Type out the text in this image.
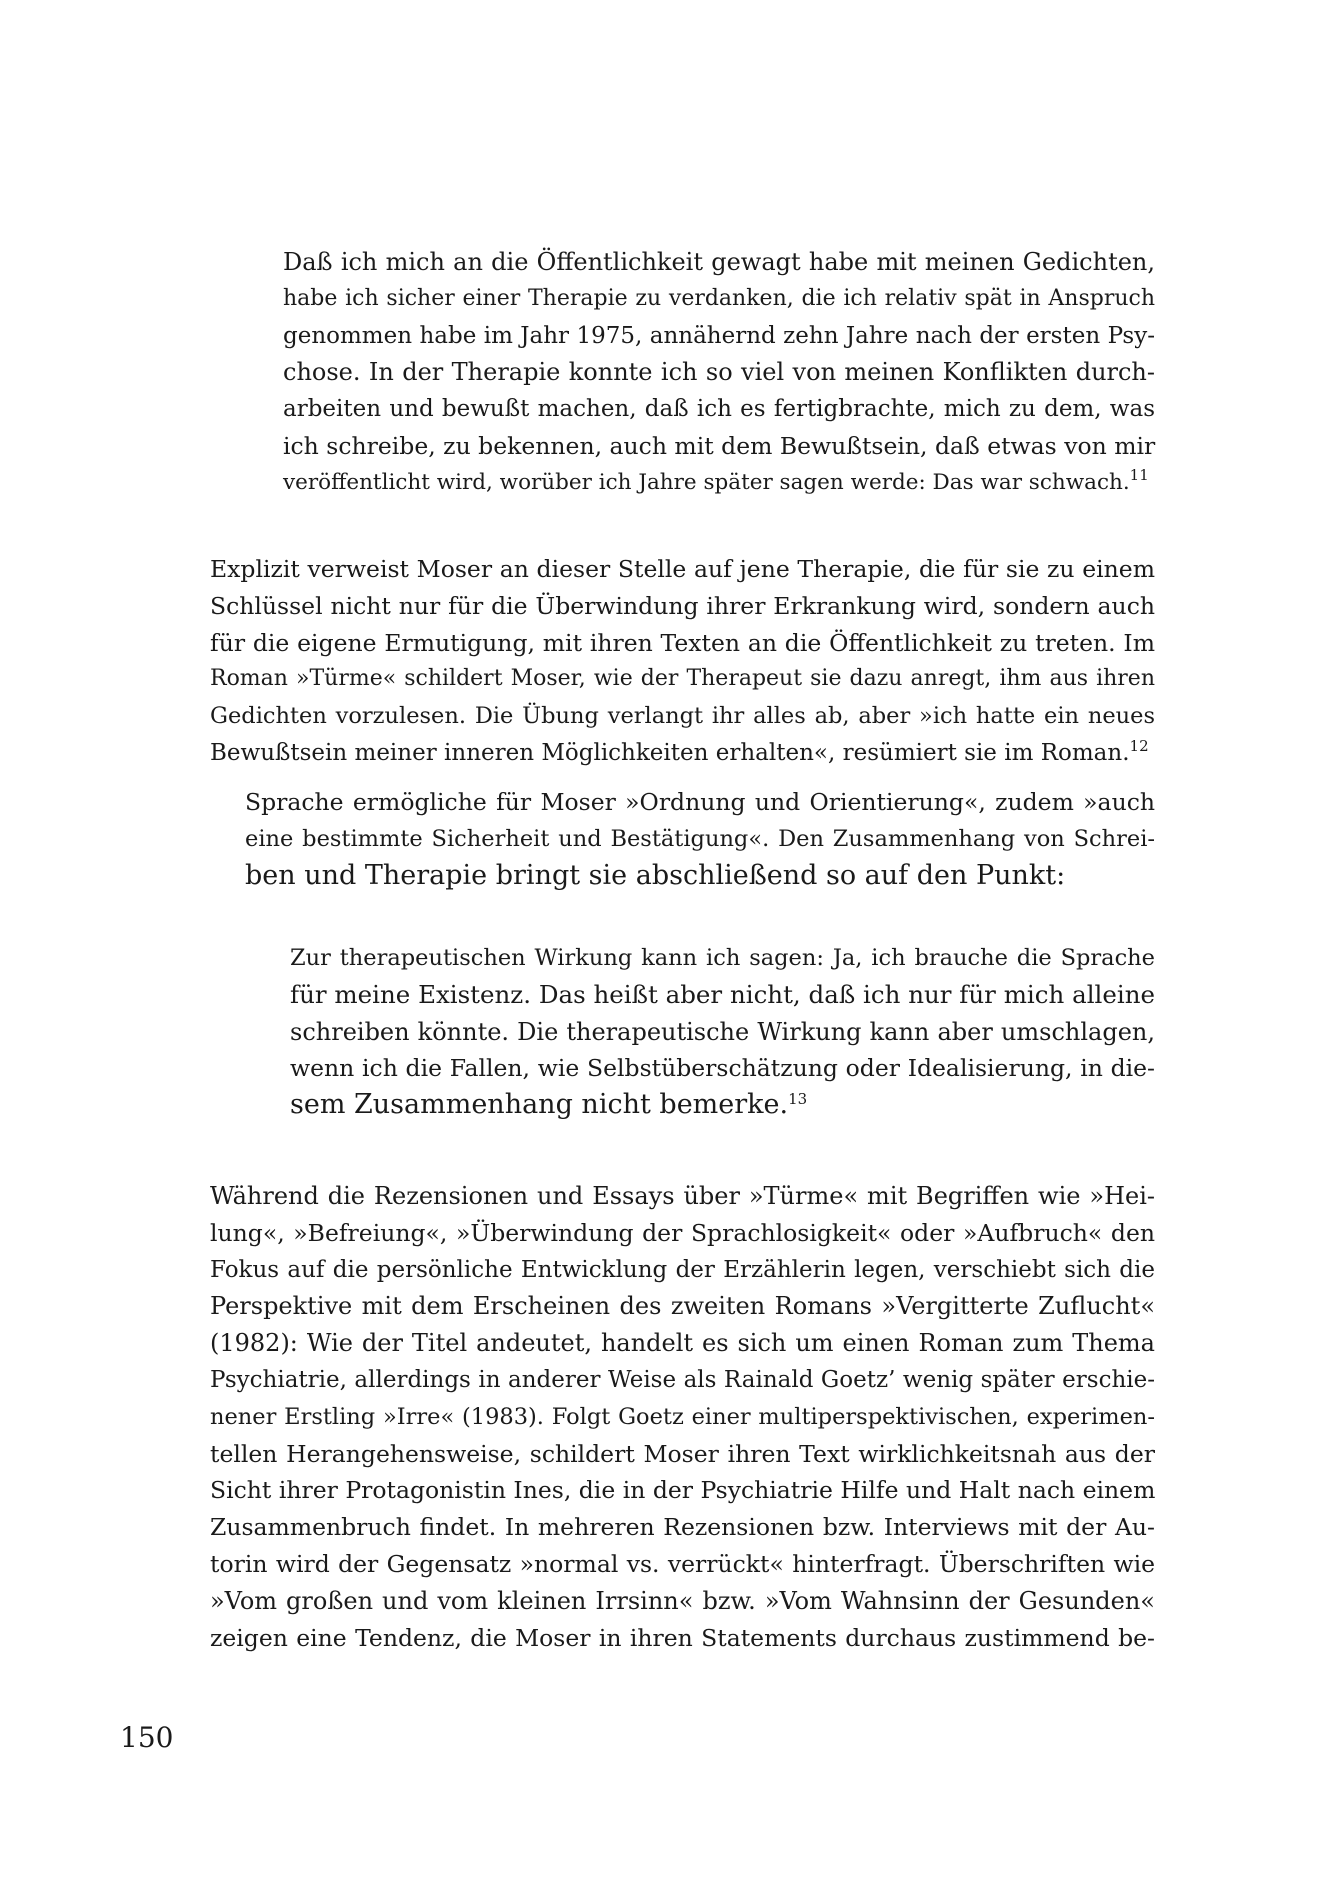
Daß ich mich an die Öffentlichkeit gewagt habe mit meinen Gedichten,
habe ich sicher einer Therapie zu verdanken, die ich relativ spät in Anspruch
genommen habe im Jahr 1975, annähernd zehn Jahre nach der ersten Psy-
chose. In der Therapie konnte ich so viel von meinen Konflikten durch-
arbeiten und bewußt machen, daß ich es fertigbrachte, mich zu dem, was
ich schreibe, zu bekennen, auch mit dem Bewußtsein, daß etwas von mir
veröffentlicht wird, worüber ich Jahre später sagen werde: Das war schwach.$^{11}$
Explizit verweist Moser an dieser Stelle auf jene Therapie, die für sie zu einem
Schlüssel nicht nur für die Überwindung ihrer Erkrankung wird, sondern auch
für die eigene Ermutigung, mit ihren Texten an die Öffentlichkeit zu treten. Im
Roman »Türme« schildert Moser, wie der Therapeut sie dazu anregt, ihm aus ihren
Gedichten vorzulesen. Die Übung verlangt ihr alles ab, aber »ich hatte ein neues
Bewußtsein meiner inneren Möglichkeiten erhalten«, resümiert sie im Roman.$^{12}$
Sprache ermögliche für Moser »Ordnung und Orientierung«, zudem »auch
eine bestimmte Sicherheit und Bestätigung«. Den Zusammenhang von Schrei-
ben und Therapie bringt sie abschließend so auf den Punkt:
Zur therapeutischen Wirkung kann ich sagen: Ja, ich brauche die Sprache
für meine Existenz. Das heißt aber nicht, daß ich nur für mich alleine
schreiben könnte. Die therapeutische Wirkung kann aber umschlagen,
wenn ich die Fallen, wie Selbstüberschätzung oder Idealisierung, in die-
sem Zusammenhang nicht bemerke.$^{13}$
Während die Rezensionen und Essays über »Türme« mit Begriffen wie »Hei-
lung«, »Befreiung«, »Überwindung der Sprachlosigkeit« oder »Aufbruch« den
Fokus auf die persönliche Entwicklung der Erzählerin legen, verschiebt sich die
Perspektive mit dem Erscheinen des zweiten Romans »Vergitterte Zuflucht«
(1982): Wie der Titel andeutet, handelt es sich um einen Roman zum Thema
Psychiatrie, allerdings in anderer Weise als Rainald Goetz’ wenig später erschie-
nener Erstling »Irre« (1983). Folgt Goetz einer multiperspektivischen, experimen-
tellen Herangehensweise, schildert Moser ihren Text wirklichkeitsnah aus der
Sicht ihrer Protagonistin Ines, die in der Psychiatrie Hilfe und Halt nach einem
Zusammenbruch findet. In mehreren Rezensionen bzw. Interviews mit der Au-
torin wird der Gegensatz »normal vs. verrückt« hinterfragt. Überschriften wie
»Vom großen und vom kleinen Irrsinn« bzw. »Vom Wahnsinn der Gesunden«
zeigen eine Tendenz, die Moser in ihren Statements durchaus zustimmend be-

150
